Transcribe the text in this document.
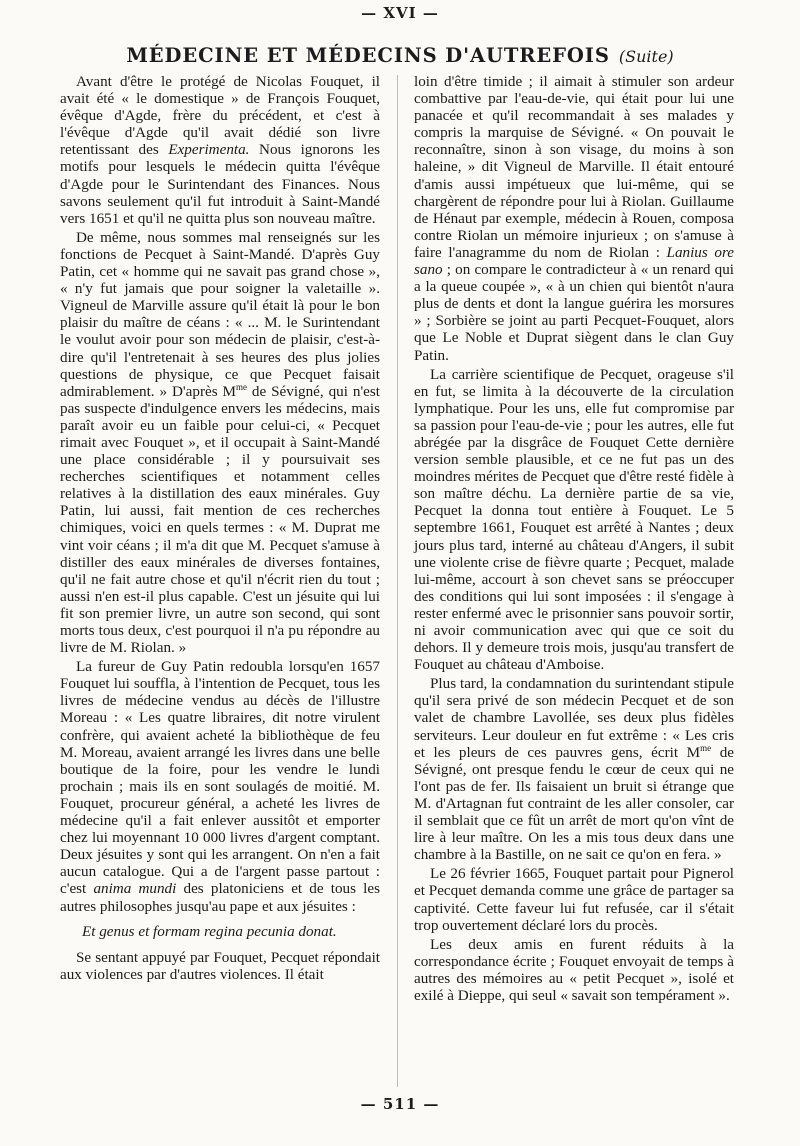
— XVI —
MÉDECINE ET MÉDECINS D'AUTREFOIS (Suite)

Avant d'être le protégé de Nicolas Fouquet, il avait été « le domestique » de François Fouquet, évêque d'Agde, frère du précédent, et c'est à l'évêque d'Agde qu'il avait dédié son livre retentissant des Experimenta. Nous ignorons les motifs pour lesquels le médecin quitta l'évêque d'Agde pour le Surintendant des Finances. Nous savons seulement qu'il fut introduit à Saint-Mandé vers 1651 et qu'il ne quitta plus son nouveau maître.

De même, nous sommes mal renseignés sur les fonctions de Pecquet à Saint-Mandé. D'après Guy Patin, cet « homme qui ne savait pas grand chose », « n'y fut jamais que pour soigner la valetaille ». Vigneul de Marville assure qu'il était là pour le bon plaisir du maître de céans : « ... M. le Surintendant le voulut avoir pour son médecin de plaisir, c'est-à-dire qu'il l'entretenait à ses heures des plus jolies questions de physique, ce que Pecquet faisait admirablement. » D'après $M^{me}$ de Sévigné, qui n'est pas suspecte d'indulgence envers les médecins, mais paraît avoir eu un faible pour celui-ci, « Pecquet rimait avec Fouquet », et il occupait à Saint-Mandé une place considérable ; il y poursuivait ses recherches scientifiques et notamment celles relatives à la distillation des eaux minérales. Guy Patin, lui aussi, fait mention de ces recherches chimiques, voici en quels termes : « M. Duprat me vint voir céans ; il m'a dit que M. Pecquet s'amuse à distiller des eaux minérales de diverses fontaines, qu'il ne fait autre chose et qu'il n'écrit rien du tout ; aussi n'en est-il plus capable. C'est un jésuite qui lui fit son premier livre, un autre son second, qui sont morts tous deux, c'est pourquoi il n'a pu répondre au livre de M. Riolan. »

La fureur de Guy Patin redoubla lorsqu'en 1657 Fouquet lui souffla, à l'intention de Pecquet, tous les livres de médecine vendus au décès de l'illustre Moreau : « Les quatre libraires, dit notre virulent confrère, qui avaient acheté la bibliothèque de feu M. Moreau, avaient arrangé les livres dans une belle boutique de la foire, pour les vendre le lundi prochain ; mais ils en sont soulagés de moitié. M. Fouquet, procureur général, a acheté les livres de médecine qu'il a fait enlever aussitôt et emporter chez lui moyennant 10 000 livres d'argent comptant. Deux jésuites y sont qui les arrangent. On n'en a fait aucun catalogue. Qui a de l'argent passe partout : c'est anima mundi des platoniciens et de tous les autres philosophes jusqu'au pape et aux jésuites :

Et genus et formam regina pecunia donat.

Se sentant appuyé par Fouquet, Pecquet répondait aux violences par d'autres violences. Il était

loin d'être timide ; il aimait à stimuler son ardeur combattive par l'eau-de-vie, qui était pour lui une panacée et qu'il recommandait à ses malades y compris la marquise de Sévigné. « On pouvait le reconnaître, sinon à son visage, du moins à son haleine, » dit Vigneul de Marville. Il était entouré d'amis aussi impétueux que lui-même, qui se chargèrent de répondre pour lui à Riolan. Guillaume de Hénaut par exemple, médecin à Rouen, composa contre Riolan un mémoire injurieux ; on s'amuse à faire l'anagramme du nom de Riolan : Lanius ore sano ; on compare le contradicteur à « un renard qui a la queue coupée », « à un chien qui bientôt n'aura plus de dents et dont la langue guérira les morsures » ; Sorbière se joint au parti Pecquet-Fouquet, alors que Le Noble et Duprat siègent dans le clan Guy Patin.

La carrière scientifique de Pecquet, orageuse s'il en fut, se limita à la découverte de la circulation lymphatique. Pour les uns, elle fut compromise par sa passion pour l'eau-de-vie ; pour les autres, elle fut abrégée par la disgrâce de Fouquet Cette dernière version semble plausible, et ce ne fut pas un des moindres mérites de Pecquet que d'être resté fidèle à son maître déchu. La dernière partie de sa vie, Pecquet la donna tout entière à Fouquet. Le 5 septembre 1661, Fouquet est arrêté à Nantes ; deux jours plus tard, interné au château d'Angers, il subit une violente crise de fièvre quarte ; Pecquet, malade lui-même, accourt à son chevet sans se préoccuper des conditions qui lui sont imposées : il s'engage à rester enfermé avec le prisonnier sans pouvoir sortir, ni avoir communication avec qui que ce soit du dehors. Il y demeure trois mois, jusqu'au transfert de Fouquet au château d'Amboise.

Plus tard, la condamnation du surintendant stipule qu'il sera privé de son médecin Pecquet et de son valet de chambre Lavollée, ses deux plus fidèles serviteurs. Leur douleur en fut extrême : « Les cris et les pleurs de ces pauvres gens, écrit $M^{me}$ de Sévigné, ont presque fendu le cœur de ceux qui ne l'ont pas de fer. Ils faisaient un bruit si étrange que M. d'Artagnan fut contraint de les aller consoler, car il semblait que ce fût un arrêt de mort qu'on vînt de lire à leur maître. On les a mis tous deux dans une chambre à la Bastille, on ne sait ce qu'on en fera. »

Le 26 février 1665, Fouquet partait pour Pignerol et Pecquet demanda comme une grâce de partager sa captivité. Cette faveur lui fut refusée, car il s'était trop ouvertement déclaré lors du procès.

Les deux amis en furent réduits à la correspondance écrite ; Fouquet envoyait de temps à autres des mémoires au « petit Pecquet », isolé et exilé à Dieppe, qui seul « savait son tempérament ».

— 511 —
